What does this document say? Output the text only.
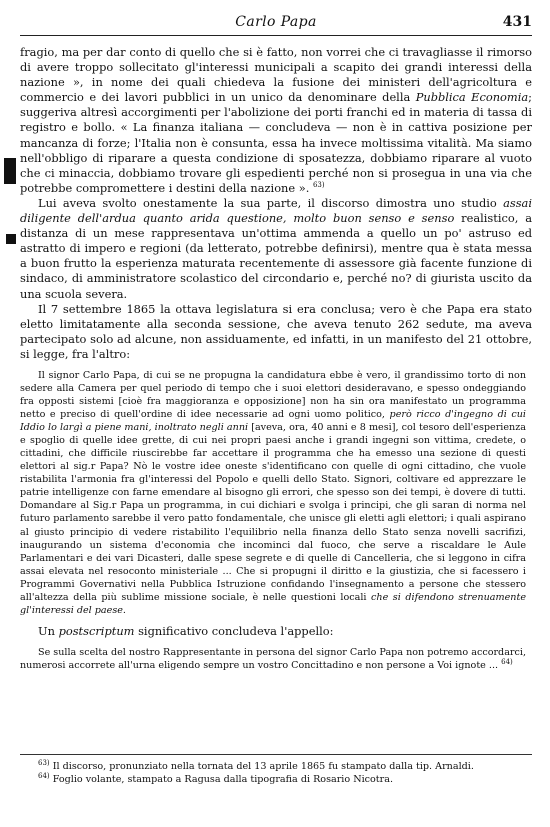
Carlo Papa	431

fragio, ma per dar conto di quello che si è fatto, non vorrei che ci travagliasse il rimorso di avere troppo sollecitato gl'interessi municipali a scapito dei grandi interessi della nazione », in nome dei quali chiedeva la fusione dei ministeri dell'agricoltura e commercio e dei lavori pubblici in un unico da denominare della Pubblica Economia; suggeriva altresì accorgimenti per l'abolizione dei porti franchi ed in materia di tassa di registro e bollo. « La finanza italiana — concludeva — non è in cattiva posizione per mancanza di forze; l'Italia non è consunta, essa ha invece moltissima vitalità. Ma siamo nell'obbligo di riparare a questa condizione di sposatezza, dobbiamo riparare al vuoto che ci minaccia, dobbiamo trovare gli espedienti perché non si prosegua in una via che potrebbe compromettere i destini della nazione ». $^{63)}$

Lui aveva svolto onestamente la sua parte, il discorso dimostra uno studio assai diligente dell'ardua quanto arida questione, molto buon senso e senso realistico, a distanza di un mese rappresentava un'ottima ammenda a quello un po' astruso ed astratto di impero e regioni (da letterato, potrebbe definirsi), mentre qua è stata messa a buon frutto la esperienza maturata recentemente di assessore già facente funzione di sindaco, di amministratore scolastico del circondario e, perché no? di giurista uscito da una scuola severa.

Il 7 settembre 1865 la ottava legislatura si era conclusa; vero è che Papa era stato eletto limitatamente alla seconda sessione, che aveva tenuto 262 sedute, ma aveva partecipato solo ad alcune, non assiduamente, ed infatti, in un manifesto del 21 ottobre, si legge, fra l'altro:

Il signor Carlo Papa, di cui se ne propugna la candidatura ebbe è vero, il grandissimo torto di non sedere alla Camera per quel periodo di tempo che i suoi elettori desideravano, e spesso ondeggiando fra opposti sistemi [cioè fra maggioranza e opposizione] non ha sin ora manifestato un programma netto e preciso di quell'ordine di idee necessarie ad ogni uomo politico, però ricco d'ingegno di cui Iddio lo largì a piene mani, inoltrato negli anni [aveva, ora, 40 anni e 8 mesi], col tesoro dell'esperienza e spoglio di quelle idee grette, di cui nei propri paesi anche i grandi ingegni son vittima, credete, o cittadini, che difficile riuscirebbe far accettare il programma che ha emesso una sezione di questi elettori al sig.r Papa? Nò le vostre idee oneste s'identificano con quelle di ogni cittadino, che vuole ristabilita l'armonia fra gl'interessi del Popolo e quelli dello Stato. Signori, coltivare ed apprezzare le patrie intelligenze con farne emendare al bisogno gli errori, che spesso son dei tempi, è dovere di tutti. Domandare al Sig.r Papa un programma, in cui dichiari e svolga i principi, che gli saran di norma nel futuro parlamento sarebbe il vero patto fondamentale, che unisce gli eletti agli elettori; i quali aspirano al giusto principio di vedere ristabilito l'equilibrio nella finanza dello Stato senza novelli sacrifizi, inaugurando un sistema d'economia che incominci dal fuoco, che serve a riscaldare le Aule Parlamentari e dei vari Dicasteri, dalle spese segrete e di quelle di Cancelleria, che si leggono in cifra assai elevata nel resoconto ministeriale ... Che si propugni il diritto e la giustizia, che si facessero i Programmi Governativi nella Pubblica Istruzione confidando l'insegnamento a persone che stessero all'altezza della più sublime missione sociale, è nelle questioni locali che si difendono strenuamente gl'interessi del paese.

Un postscriptum significativo concludeva l'appello:

Se sulla scelta del nostro Rappresentante in persona del signor Carlo Papa non potremo accordarci, numerosi accorrete all'urna eligendo sempre un vostro Concittadino e non persone a Voi ignote ... $^{64)}$

$^{63)}$ Il discorso, pronunziato nella tornata del 13 aprile 1865 fu stampato dalla tip. Arnaldi.

$^{64)}$ Foglio volante, stampato a Ragusa dalla tipografia di Rosario Nicotra.
